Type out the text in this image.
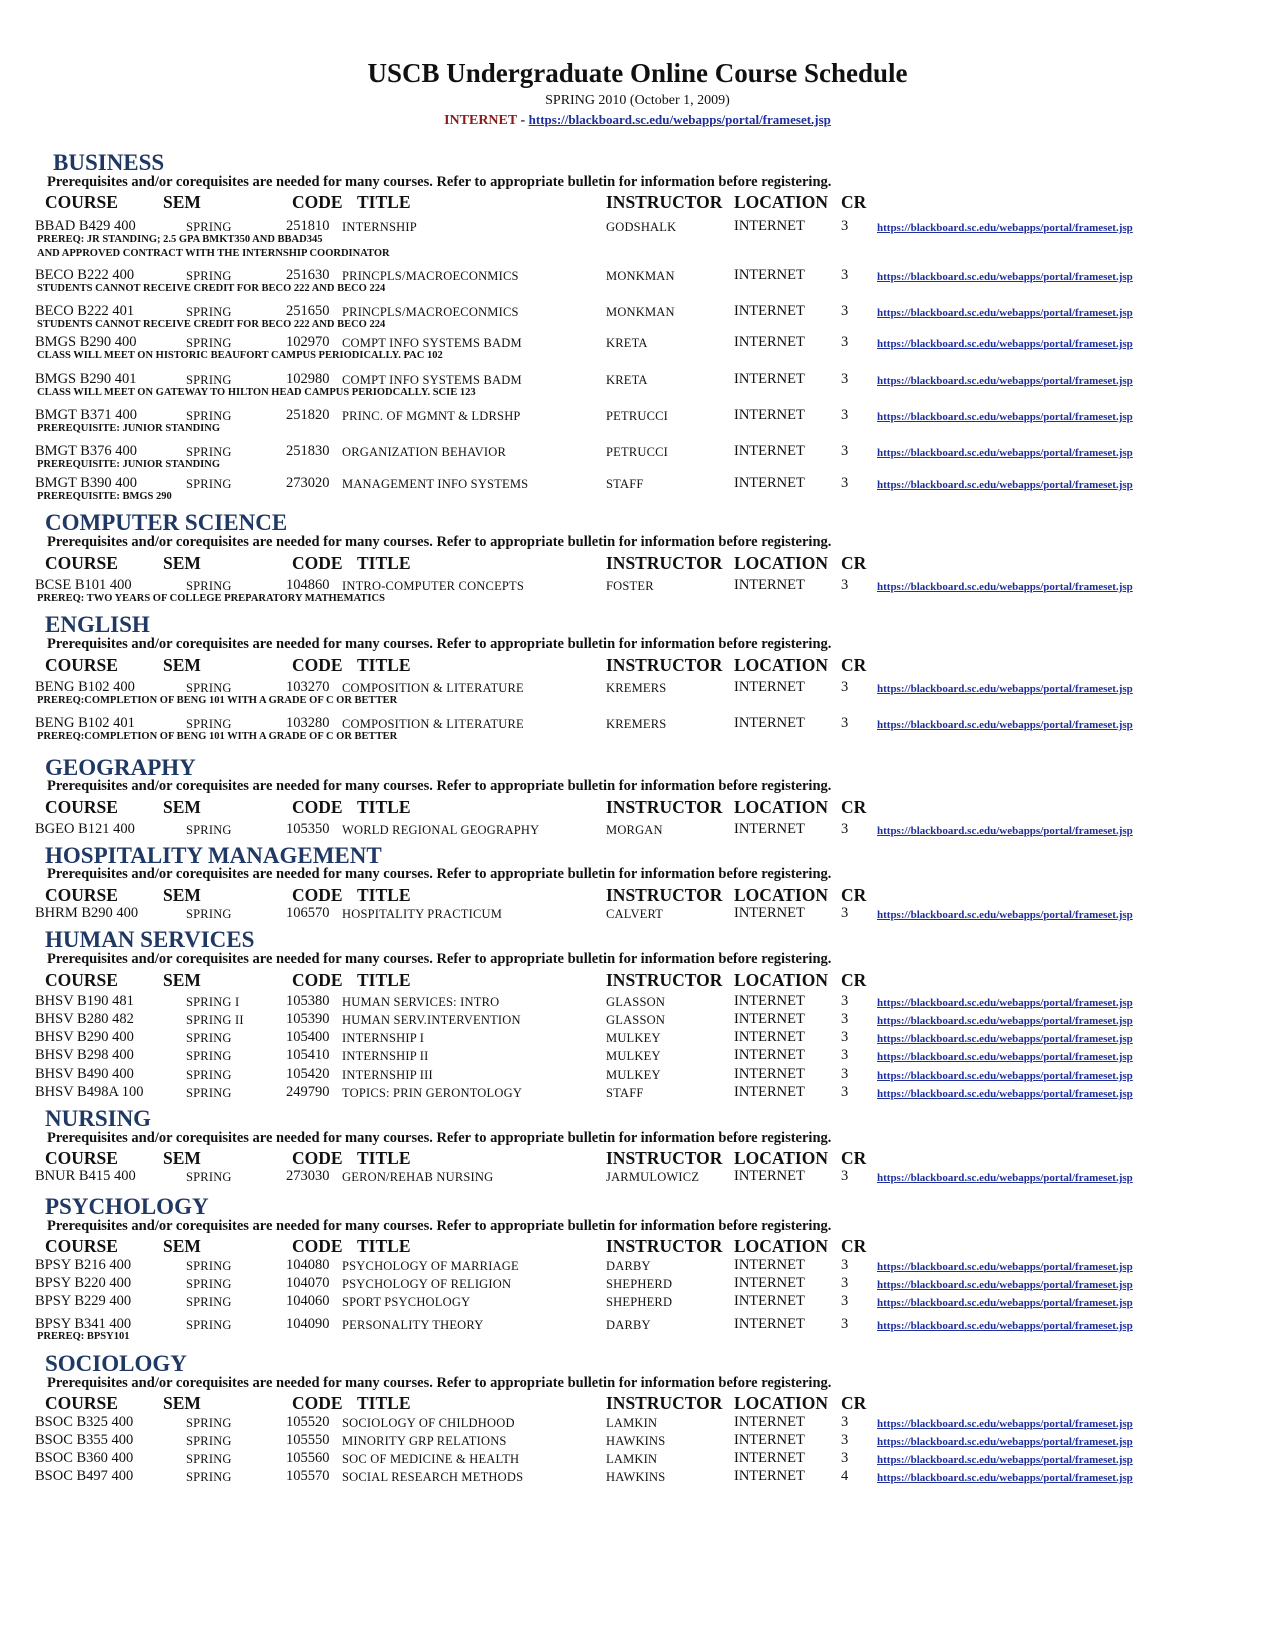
USCB Undergraduate Online Course Schedule
SPRING 2010 (October 1, 2009)
INTERNET - https://blackboard.sc.edu/webapps/portal/frameset.jsp
BUSINESS
Prerequisites and/or corequisites are needed for many courses. Refer to appropriate bulletin for information before registering.
COURSE	SEM	CODE TITLE	INSTRUCTOR LOCATION CR
BBAD B429 400	SPRING	251810 INTERNSHIP	GODSHALK	INTERNET 3	https://blackboard.sc.edu/webapps/portal/frameset.jsp
PREREQ: JR STANDING; 2.5 GPA BMKT350 AND BBAD345
AND APPROVED CONTRACT WITH THE INTERNSHIP COORDINATOR
BECO B222 400	SPRING	251630 PRINCPLS/MACROECONMICS	MONKMAN	INTERNET 3	https://blackboard.sc.edu/webapps/portal/frameset.jsp
STUDENTS CANNOT RECEIVE CREDIT FOR BECO 222 AND BECO 224
BECO B222 401	SPRING	251650 PRINCPLS/MACROECONMICS	MONKMAN	INTERNET 3	https://blackboard.sc.edu/webapps/portal/frameset.jsp
STUDENTS CANNOT RECEIVE CREDIT FOR BECO 222 AND BECO 224
BMGS B290 400	SPRING	102970 COMPT INFO SYSTEMS BADM	KRETA	INTERNET 3	https://blackboard.sc.edu/webapps/portal/frameset.jsp
CLASS WILL MEET ON HISTORIC BEAUFORT CAMPUS PERIODICALLY. PAC 102
BMGS B290 401	SPRING	102980 COMPT INFO SYSTEMS BADM	KRETA	INTERNET 3	https://blackboard.sc.edu/webapps/portal/frameset.jsp
CLASS WILL MEET ON GATEWAY TO HILTON HEAD CAMPUS PERIODCALLY. SCIE 123
BMGT B371 400	SPRING	251820 PRINC. OF MGMNT & LDRSHP	PETRUCCI	INTERNET 3	https://blackboard.sc.edu/webapps/portal/frameset.jsp
PREREQUISITE: JUNIOR STANDING
BMGT B376 400	SPRING	251830 ORGANIZATION BEHAVIOR	PETRUCCI	INTERNET 3	https://blackboard.sc.edu/webapps/portal/frameset.jsp
PREREQUISITE: JUNIOR STANDING
BMGT B390 400	SPRING	273020 MANAGEMENT INFO SYSTEMS	STAFF	INTERNET 3	https://blackboard.sc.edu/webapps/portal/frameset.jsp
PREREQUISITE: BMGS 290
COMPUTER SCIENCE
Prerequisites and/or corequisites are needed for many courses. Refer to appropriate bulletin for information before registering.
COURSE	SEM	CODE TITLE	INSTRUCTOR LOCATION CR
BCSE B101 400	SPRING	104860 INTRO-COMPUTER CONCEPTS	FOSTER	INTERNET 3	https://blackboard.sc.edu/webapps/portal/frameset.jsp
PREREQ: TWO YEARS OF COLLEGE PREPARATORY MATHEMATICS
ENGLISH
Prerequisites and/or corequisites are needed for many courses. Refer to appropriate bulletin for information before registering.
COURSE	SEM	CODE TITLE	INSTRUCTOR LOCATION CR
BENG B102 400	SPRING	103270 COMPOSITION & LITERATURE	KREMERS	INTERNET 3	https://blackboard.sc.edu/webapps/portal/frameset.jsp
PREREQ:COMPLETION OF BENG 101 WITH A GRADE OF C OR BETTER
BENG B102 401	SPRING	103280 COMPOSITION & LITERATURE	KREMERS	INTERNET 3	https://blackboard.sc.edu/webapps/portal/frameset.jsp
PREREQ:COMPLETION OF BENG 101 WITH A GRADE OF C OR BETTER
GEOGRAPHY
Prerequisites and/or corequisites are needed for many courses. Refer to appropriate bulletin for information before registering.
COURSE	SEM	CODE TITLE	INSTRUCTOR LOCATION CR
BGEO B121 400	SPRING	105350 WORLD REGIONAL GEOGRAPHY	MORGAN	INTERNET 3	https://blackboard.sc.edu/webapps/portal/frameset.jsp
HOSPITALITY MANAGEMENT
Prerequisites and/or corequisites are needed for many courses. Refer to appropriate bulletin for information before registering.
COURSE	SEM	CODE TITLE	INSTRUCTOR LOCATION CR
BHRM B290 400	SPRING	106570 HOSPITALITY PRACTICUM	CALVERT	INTERNET 3	https://blackboard.sc.edu/webapps/portal/frameset.jsp
HUMAN SERVICES
Prerequisites and/or corequisites are needed for many courses. Refer to appropriate bulletin for information before registering.
COURSE	SEM	CODE TITLE	INSTRUCTOR LOCATION CR
BHSV B190 481	SPRING I	105380 HUMAN SERVICES: INTRO	GLASSON	INTERNET 3	https://blackboard.sc.edu/webapps/portal/frameset.jsp
BHSV B280 482	SPRING II	105390 HUMAN SERV.INTERVENTION	GLASSON	INTERNET 3	https://blackboard.sc.edu/webapps/portal/frameset.jsp
BHSV B290 400	SPRING	105400 INTERNSHIP I	MULKEY	INTERNET 3	https://blackboard.sc.edu/webapps/portal/frameset.jsp
BHSV B298 400	SPRING	105410 INTERNSHIP II	MULKEY	INTERNET 3	https://blackboard.sc.edu/webapps/portal/frameset.jsp
BHSV B490 400	SPRING	105420 INTERNSHIP III	MULKEY	INTERNET 3	https://blackboard.sc.edu/webapps/portal/frameset.jsp
BHSV B498A 100	SPRING	249790 TOPICS: PRIN GERONTOLOGY	STAFF	INTERNET 3	https://blackboard.sc.edu/webapps/portal/frameset.jsp
NURSING
Prerequisites and/or corequisites are needed for many courses. Refer to appropriate bulletin for information before registering.
COURSE	SEM	CODE TITLE	INSTRUCTOR LOCATION CR
BNUR B415 400	SPRING	273030 GERON/REHAB NURSING	JARMULOWICZ INTERNET 3	https://blackboard.sc.edu/webapps/portal/frameset.jsp
PSYCHOLOGY
Prerequisites and/or corequisites are needed for many courses. Refer to appropriate bulletin for information before registering.
COURSE	SEM	CODE TITLE	INSTRUCTOR LOCATION CR
BPSY B216 400	SPRING	104080 PSYCHOLOGY OF MARRIAGE	DARBY	INTERNET 3	https://blackboard.sc.edu/webapps/portal/frameset.jsp
BPSY B220 400	SPRING	104070 PSYCHOLOGY OF RELIGION	SHEPHERD	INTERNET 3	https://blackboard.sc.edu/webapps/portal/frameset.jsp
BPSY B229 400	SPRING	104060 SPORT PSYCHOLOGY	SHEPHERD	INTERNET 3	https://blackboard.sc.edu/webapps/portal/frameset.jsp
BPSY B341 400	SPRING	104090 PERSONALITY THEORY	DARBY	INTERNET 3	https://blackboard.sc.edu/webapps/portal/frameset.jsp
PREREQ: BPSY101
SOCIOLOGY
Prerequisites and/or corequisites are needed for many courses. Refer to appropriate bulletin for information before registering.
COURSE	SEM	CODE TITLE	INSTRUCTOR LOCATION CR
BSOC B325 400	SPRING	105520 SOCIOLOGY OF CHILDHOOD	LAMKIN	INTERNET 3	https://blackboard.sc.edu/webapps/portal/frameset.jsp
BSOC B355 400	SPRING	105550 MINORITY GRP RELATIONS	HAWKINS	INTERNET 3	https://blackboard.sc.edu/webapps/portal/frameset.jsp
BSOC B360 400	SPRING	105560 SOC OF MEDICINE & HEALTH	LAMKIN	INTERNET 3	https://blackboard.sc.edu/webapps/portal/frameset.jsp
BSOC B497 400	SPRING	105570 SOCIAL RESEARCH METHODS	HAWKINS	INTERNET 4	https://blackboard.sc.edu/webapps/portal/frameset.jsp
